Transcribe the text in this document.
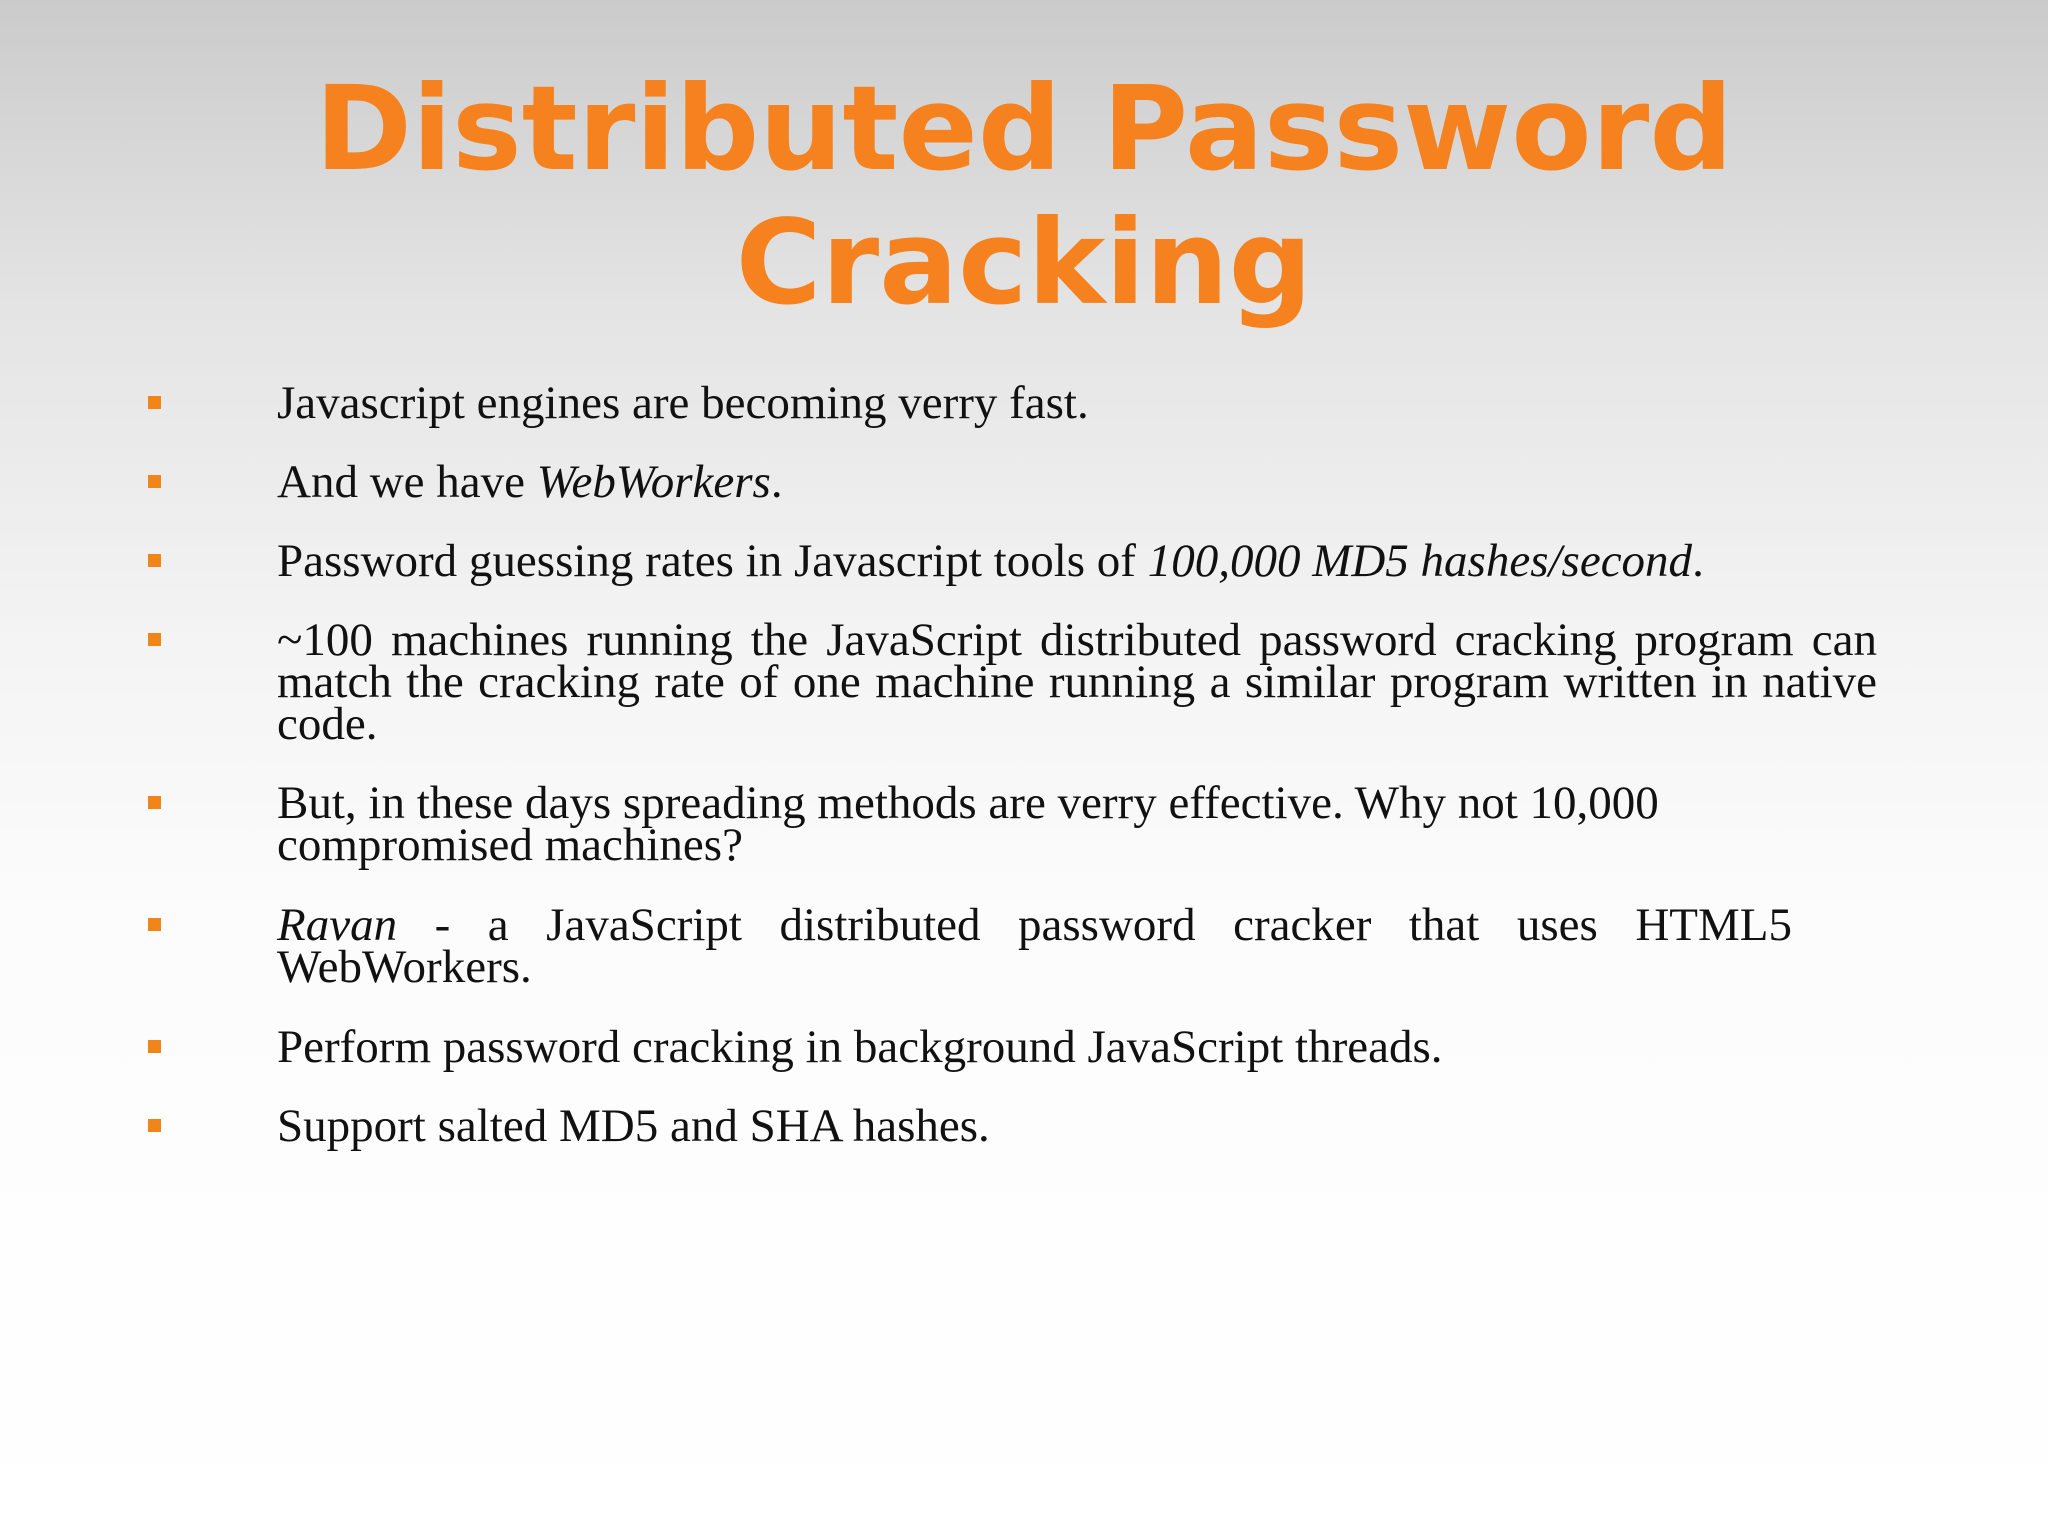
Distributed Password
Cracking

Javascript engines are becoming verry fast.

And we have WebWorkers.

Password guessing rates in Javascript tools of 100,000 MD5 hashes/second.

~100 machines running the JavaScript distributed password cracking program can match the cracking rate of one machine running a similar program written in native code.

But, in these days spreading methods are verry effective. Why not 10,000 compromised machines?

Ravan - a JavaScript distributed password cracker that uses HTML5 WebWorkers.

Perform password cracking in background JavaScript threads.

Support salted MD5 and SHA hashes.
